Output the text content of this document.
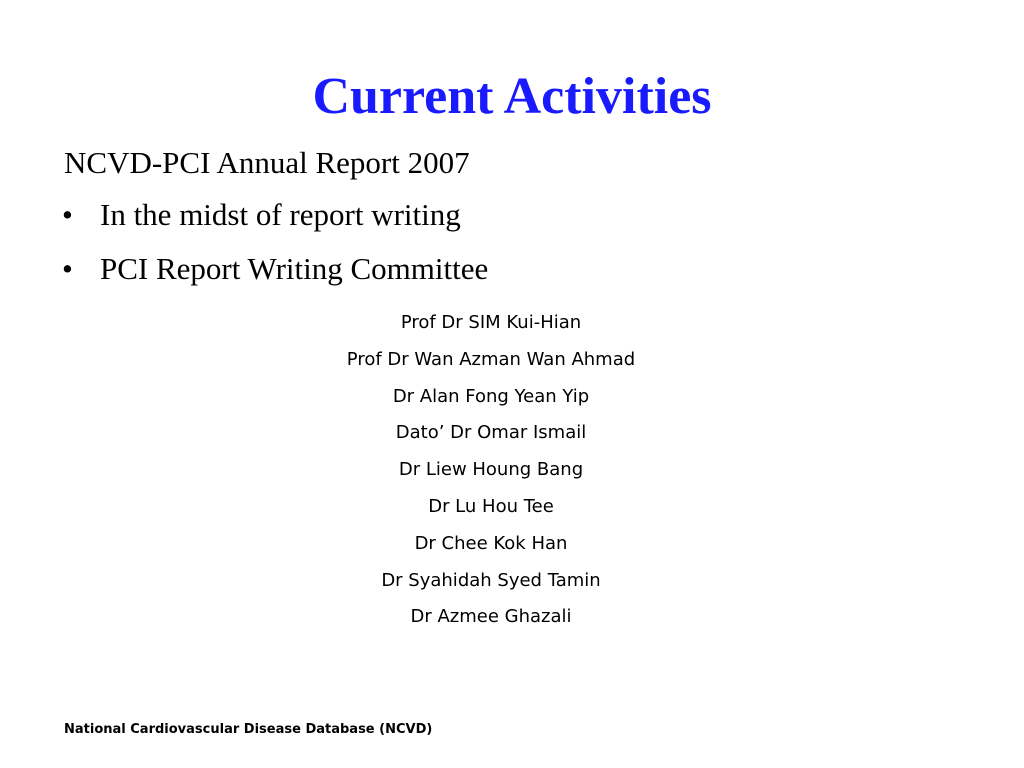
Current Activities

NCVD-PCI Annual Report 2007

• In the midst of report writing
• PCI Report Writing Committee
Prof Dr SIM Kui-Hian
Prof Dr Wan Azman Wan Ahmad
Dr Alan Fong Yean Yip
Dato’ Dr Omar Ismail
Dr Liew Houng Bang
Dr Lu Hou Tee
Dr Chee Kok Han
Dr Syahidah Syed Tamin
Dr Azmee Ghazali

National Cardiovascular Disease Database (NCVD)
